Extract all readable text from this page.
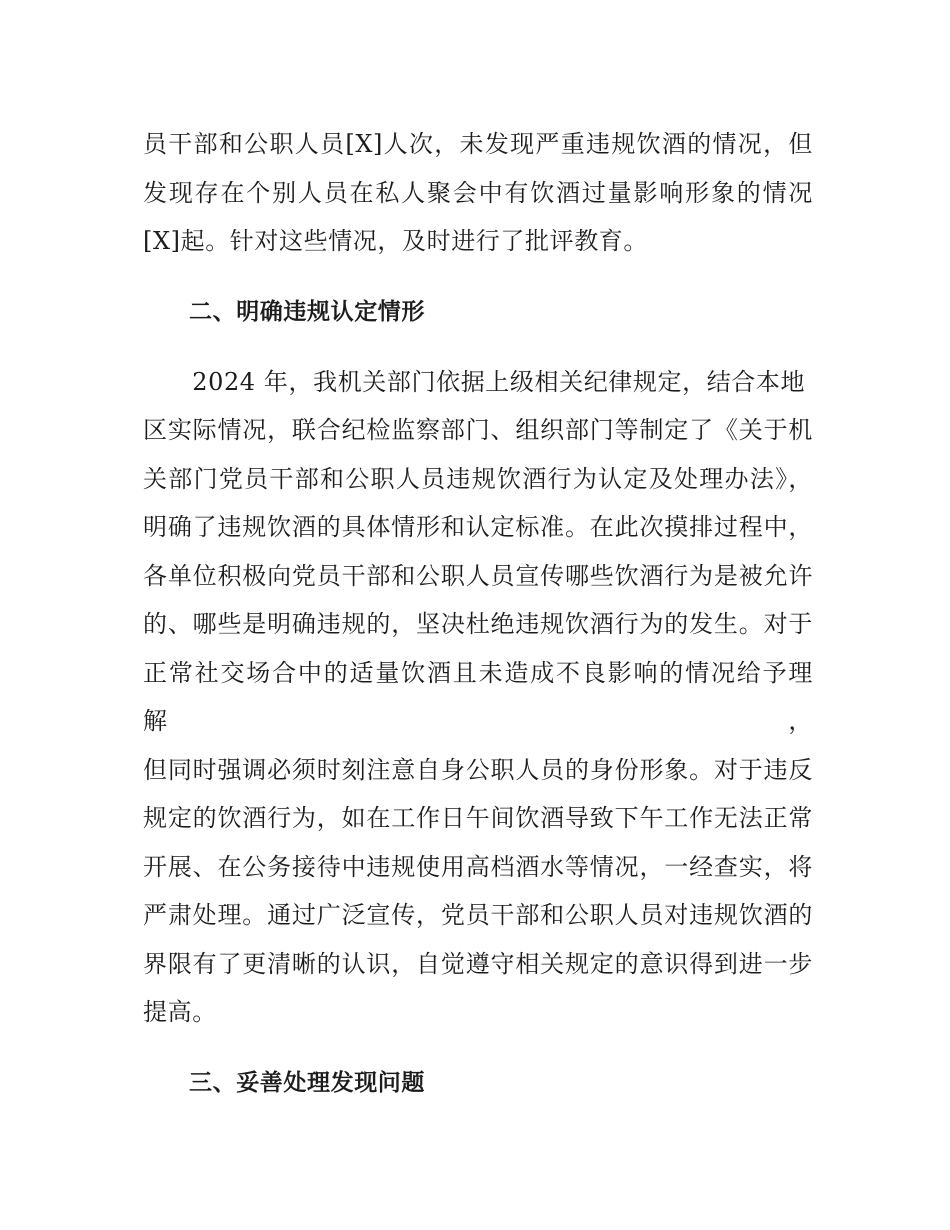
员干部和公职人员[X]人次，未发现严重违规饮酒的情况，但
发现存在个别人员在私人聚会中有饮酒过量影响形象的情况
[X]起。针对这些情况，及时进行了批评教育。

二、明确违规认定情形

　　2024 年，我机关部门依据上级相关纪律规定，结合本地
区实际情况，联合纪检监察部门、组织部门等制定了《关于机
关部门党员干部和公职人员违规饮酒行为认定及处理办法》，
明确了违规饮酒的具体情形和认定标准。在此次摸排过程中，
各单位积极向党员干部和公职人员宣传哪些饮酒行为是被允许
的、哪些是明确违规的，坚决杜绝违规饮酒行为的发生。对于
正常社交场合中的适量饮酒且未造成不良影响的情况给予理解，
但同时强调必须时刻注意自身公职人员的身份形象。对于违反
规定的饮酒行为，如在工作日午间饮酒导致下午工作无法正常
开展、在公务接待中违规使用高档酒水等情况，一经查实，将
严肃处理。通过广泛宣传，党员干部和公职人员对违规饮酒的
界限有了更清晰的认识，自觉遵守相关规定的意识得到进一步
提高。

三、妥善处理发现问题
